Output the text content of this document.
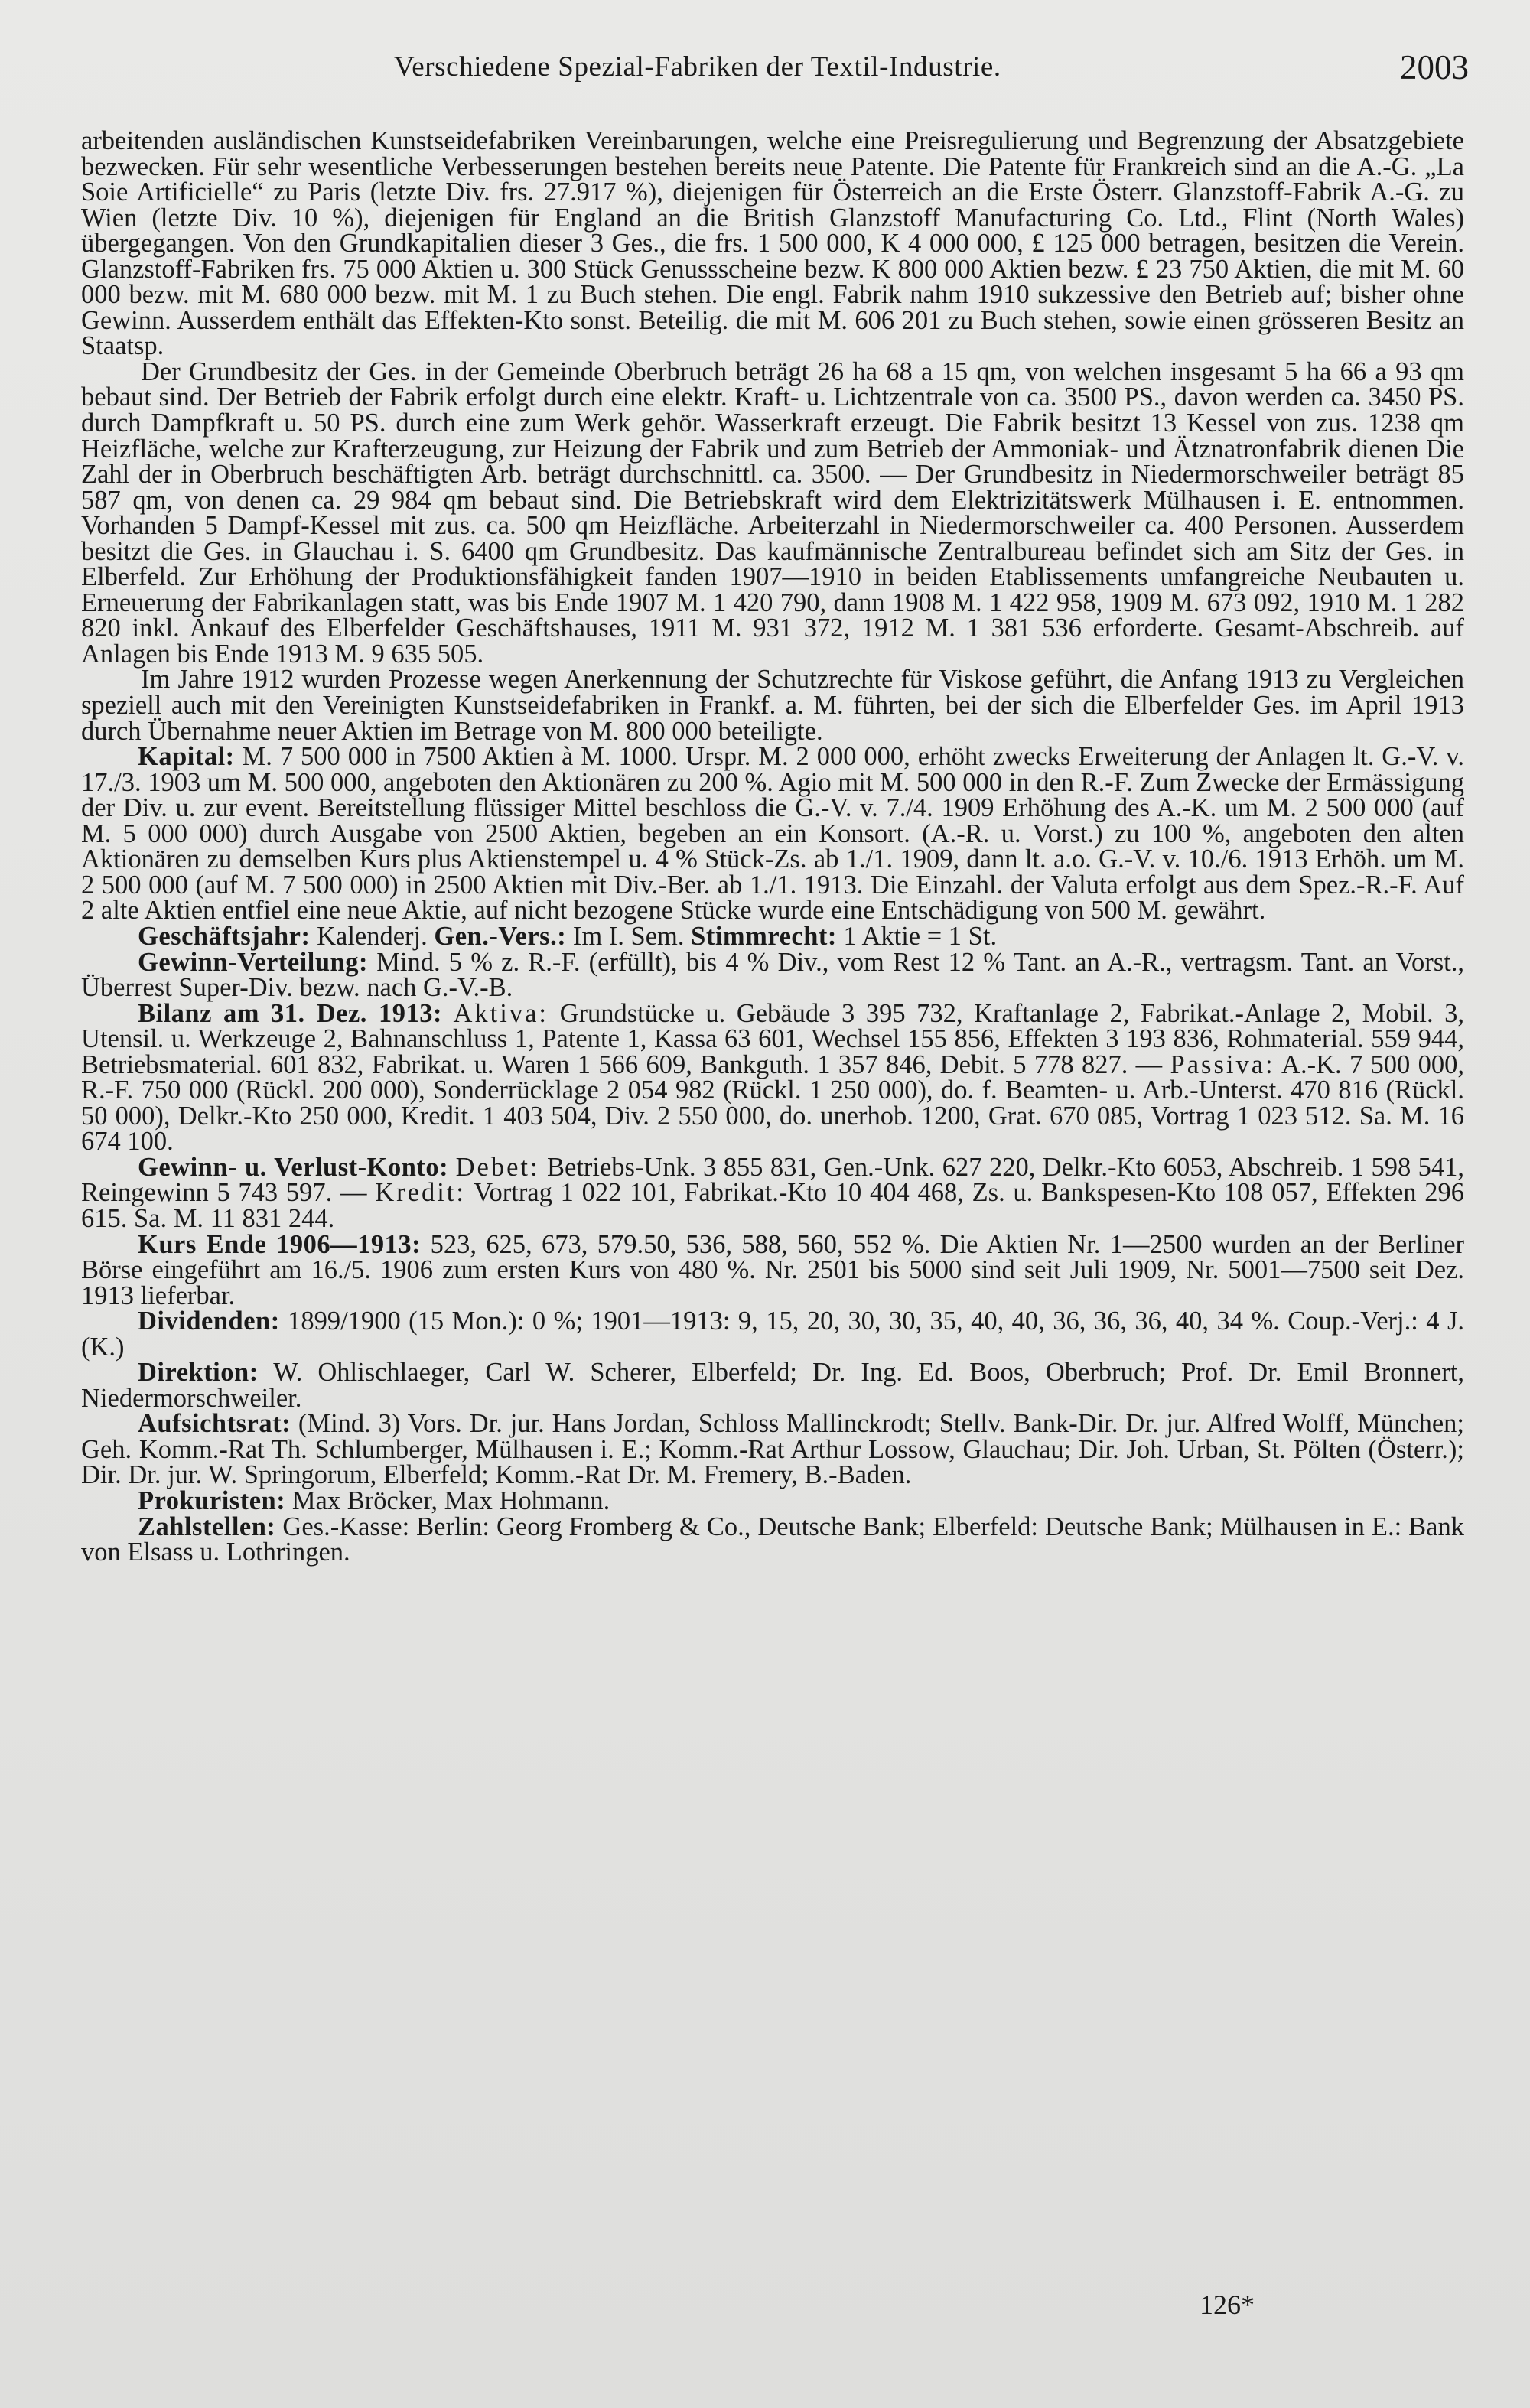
Verschiedene Spezial-Fabriken der Textil-Industrie.	2003

arbeitenden ausländischen Kunstseidefabriken Vereinbarungen, welche eine Preisregulierung und Begrenzung der Absatzgebiete bezwecken. Für sehr wesentliche Verbesserungen bestehen bereits neue Patente. Die Patente für Frankreich sind an die A.-G. „La Soie Artificielle“ zu Paris (letzte Div. frs. 27.917 %), diejenigen für Österreich an die Erste Österr. Glanzstoff-Fabrik A.-G. zu Wien (letzte Div. 10 %), diejenigen für England an die British Glanzstoff Manufacturing Co. Ltd., Flint (North Wales) übergegangen. Von den Grundkapitalien dieser 3 Ges., die frs. 1 500 000, K 4 000 000, £ 125 000 betragen, besitzen die Verein. Glanzstoff-Fabriken frs. 75 000 Aktien u. 300 Stück Genussscheine bezw. K 800 000 Aktien bezw. £ 23 750 Aktien, die mit M. 60 000 bezw. mit M. 680 000 bezw. mit M. 1 zu Buch stehen. Die engl. Fabrik nahm 1910 sukzessive den Betrieb auf; bisher ohne Gewinn. Ausserdem enthält das Effekten-Kto sonst. Beteilig. die mit M. 606 201 zu Buch stehen, sowie einen grösseren Besitz an Staatsp.

Der Grundbesitz der Ges. in der Gemeinde Oberbruch beträgt 26 ha 68 a 15 qm, von welchen insgesamt 5 ha 66 a 93 qm bebaut sind. Der Betrieb der Fabrik erfolgt durch eine elektr. Kraft- u. Lichtzentrale von ca. 3500 PS., davon werden ca. 3450 PS. durch Dampfkraft u. 50 PS. durch eine zum Werk gehör. Wasserkraft erzeugt. Die Fabrik besitzt 13 Kessel von zus. 1238 qm Heizfläche, welche zur Krafterzeugung, zur Heizung der Fabrik und zum Betrieb der Ammoniak- und Ätznatronfabrik dienen Die Zahl der in Oberbruch beschäftigten Arb. beträgt durchschnittl. ca. 3500. — Der Grundbesitz in Niedermorschweiler beträgt 85 587 qm, von denen ca. 29 984 qm bebaut sind. Die Betriebskraft wird dem Elektrizitätswerk Mülhausen i. E. entnommen. Vorhanden 5 Dampf-Kessel mit zus. ca. 500 qm Heizfläche. Arbeiterzahl in Niedermorschweiler ca. 400 Personen. Ausserdem besitzt die Ges. in Glauchau i. S. 6400 qm Grundbesitz. Das kaufmännische Zentralbureau befindet sich am Sitz der Ges. in Elberfeld. Zur Erhöhung der Produktionsfähigkeit fanden 1907—1910 in beiden Etablissements umfangreiche Neubauten u. Erneuerung der Fabrikanlagen statt, was bis Ende 1907 M. 1 420 790, dann 1908 M. 1 422 958, 1909 M. 673 092, 1910 M. 1 282 820 inkl. Ankauf des Elberfelder Geschäftshauses, 1911 M. 931 372, 1912 M. 1 381 536 erforderte. Gesamt-Abschreib. auf Anlagen bis Ende 1913 M. 9 635 505.

Im Jahre 1912 wurden Prozesse wegen Anerkennung der Schutzrechte für Viskose geführt, die Anfang 1913 zu Vergleichen speziell auch mit den Vereinigten Kunstseidefabriken in Frankf. a. M. führten, bei der sich die Elberfelder Ges. im April 1913 durch Übernahme neuer Aktien im Betrage von M. 800 000 beteiligte.

Kapital: M. 7 500 000 in 7500 Aktien à M. 1000. Urspr. M. 2 000 000, erhöht zwecks Erweiterung der Anlagen lt. G.-V. v. 17./3. 1903 um M. 500 000, angeboten den Aktionären zu 200 %. Agio mit M. 500 000 in den R.-F. Zum Zwecke der Ermässigung der Div. u. zur event. Bereitstellung flüssiger Mittel beschloss die G.-V. v. 7./4. 1909 Erhöhung des A.-K. um M. 2 500 000 (auf M. 5 000 000) durch Ausgabe von 2500 Aktien, begeben an ein Konsort. (A.-R. u. Vorst.) zu 100 %, angeboten den alten Aktionären zu demselben Kurs plus Aktienstempel u. 4 % Stück-Zs. ab 1./1. 1909, dann lt. a.o. G.-V. v. 10./6. 1913 Erhöh. um M. 2 500 000 (auf M. 7 500 000) in 2500 Aktien mit Div.-Ber. ab 1./1. 1913. Die Einzahl. der Valuta erfolgt aus dem Spez.-R.-F. Auf 2 alte Aktien entfiel eine neue Aktie, auf nicht bezogene Stücke wurde eine Entschädigung von 500 M. gewährt.

Geschäftsjahr: Kalenderj. Gen.-Vers.: Im I. Sem. Stimmrecht: 1 Aktie = 1 St.

Gewinn-Verteilung: Mind. 5 % z. R.-F. (erfüllt), bis 4 % Div., vom Rest 12 % Tant. an A.-R., vertragsm. Tant. an Vorst., Überrest Super-Div. bezw. nach G.-V.-B.

Bilanz am 31. Dez. 1913: Aktiva: Grundstücke u. Gebäude 3 395 732, Kraftanlage 2, Fabrikat.-Anlage 2, Mobil. 3, Utensil. u. Werkzeuge 2, Bahnanschluss 1, Patente 1, Kassa 63 601, Wechsel 155 856, Effekten 3 193 836, Rohmaterial. 559 944, Betriebsmaterial. 601 832, Fabrikat. u. Waren 1 566 609, Bankguth. 1 357 846, Debit. 5 778 827. — Passiva: A.-K. 7 500 000, R.-F. 750 000 (Rückl. 200 000), Sonderrücklage 2 054 982 (Rückl. 1 250 000), do. f. Beamten- u. Arb.-Unterst. 470 816 (Rückl. 50 000), Delkr.-Kto 250 000, Kredit. 1 403 504, Div. 2 550 000, do. unerhob. 1200, Grat. 670 085, Vortrag 1 023 512. Sa. M. 16 674 100.

Gewinn- u. Verlust-Konto: Debet: Betriebs-Unk. 3 855 831, Gen.-Unk. 627 220, Delkr.-Kto 6053, Abschreib. 1 598 541, Reingewinn 5 743 597. — Kredit: Vortrag 1 022 101, Fabrikat.-Kto 10 404 468, Zs. u. Bankspesen-Kto 108 057, Effekten 296 615. Sa. M. 11 831 244.

Kurs Ende 1906—1913: 523, 625, 673, 579.50, 536, 588, 560, 552 %. Die Aktien Nr. 1—2500 wurden an der Berliner Börse eingeführt am 16./5. 1906 zum ersten Kurs von 480 %. Nr. 2501 bis 5000 sind seit Juli 1909, Nr. 5001—7500 seit Dez. 1913 lieferbar.

Dividenden: 1899/1900 (15 Mon.): 0 %; 1901—1913: 9, 15, 20, 30, 30, 35, 40, 40, 36, 36, 36, 40, 34 %. Coup.-Verj.: 4 J. (K.)

Direktion: W. Ohlischlaeger, Carl W. Scherer, Elberfeld; Dr. Ing. Ed. Boos, Oberbruch; Prof. Dr. Emil Bronnert, Niedermorschweiler.

Aufsichtsrat: (Mind. 3) Vors. Dr. jur. Hans Jordan, Schloss Mallinckrodt; Stellv. Bank-Dir. Dr. jur. Alfred Wolff, München; Geh. Komm.-Rat Th. Schlumberger, Mülhausen i. E.; Komm.-Rat Arthur Lossow, Glauchau; Dir. Joh. Urban, St. Pölten (Österr.); Dir. Dr. jur. W. Springorum, Elberfeld; Komm.-Rat Dr. M. Fremery, B.-Baden.

Prokuristen: Max Bröcker, Max Hohmann.

Zahlstellen: Ges.-Kasse: Berlin: Georg Fromberg & Co., Deutsche Bank; Elberfeld: Deutsche Bank; Mülhausen in E.: Bank von Elsass u. Lothringen.

126*
